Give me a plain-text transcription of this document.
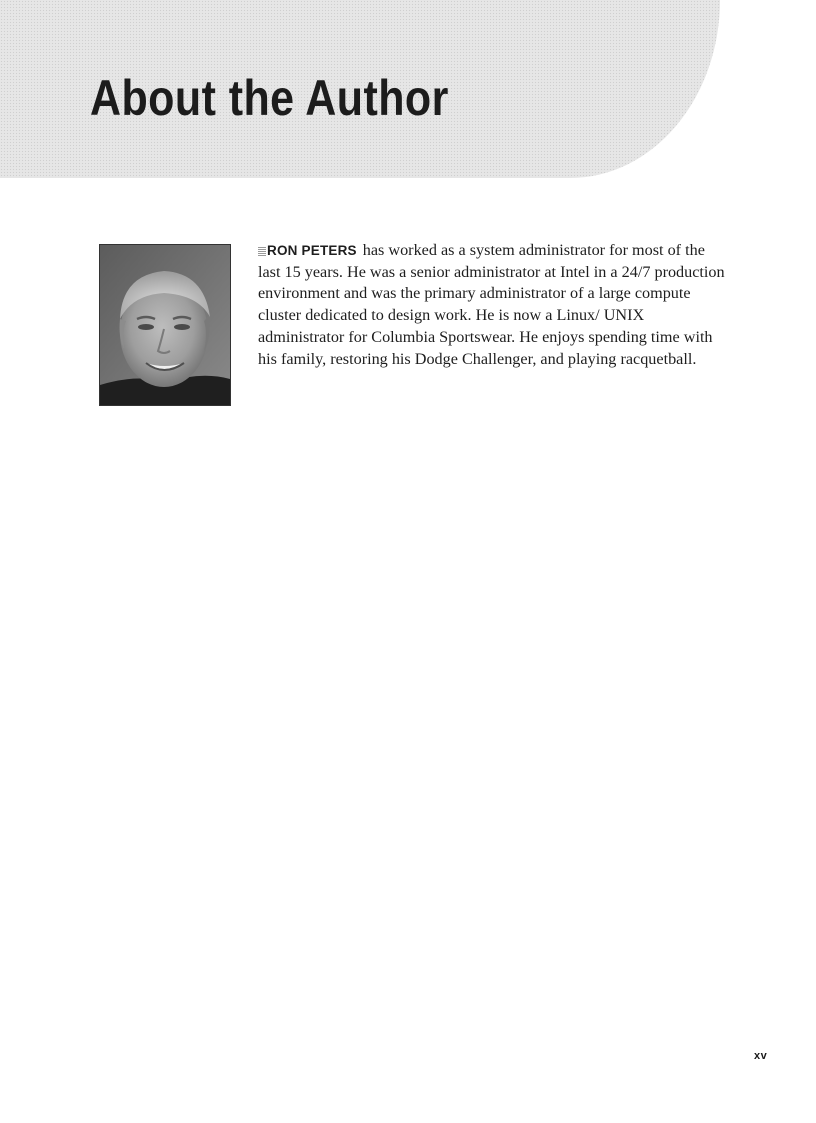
About the Author

RON PETERS has worked as a system administrator for most of the last 15 years. He was a senior administrator at Intel in a 24/7 production environment and was the primary administrator of a large compute cluster dedicated to design work. He is now a Linux/ UNIX administrator for Columbia Sportswear. He enjoys spending time with his family, restoring his Dodge Challenger, and playing racquetball.

xv
